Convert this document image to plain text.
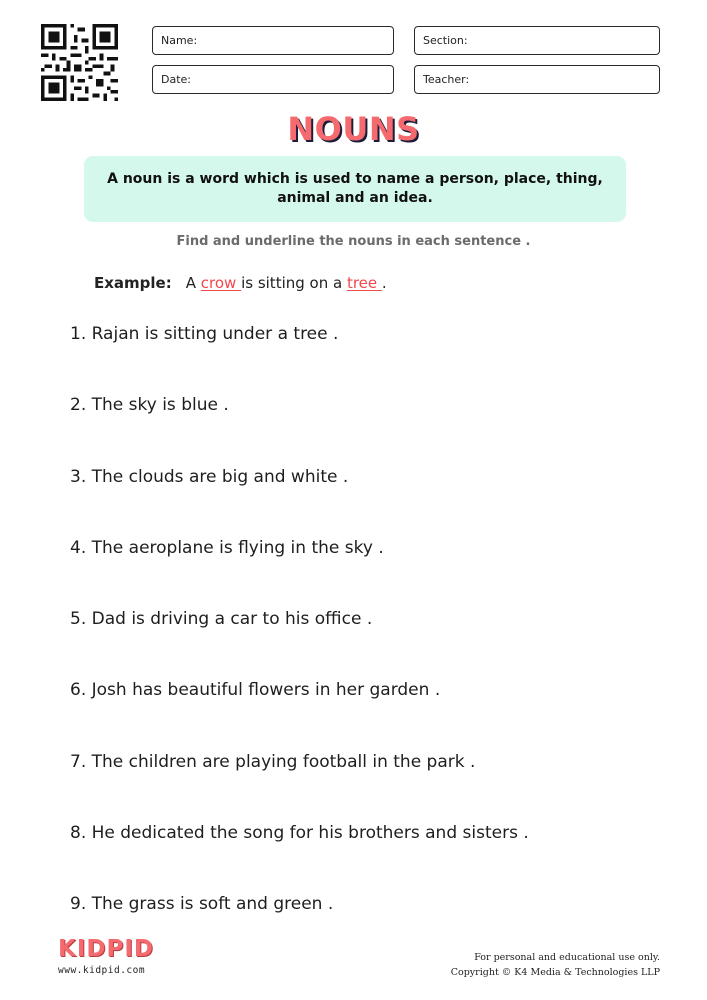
Name:	Section:
Date:	Teacher:
NOUNS
A noun is a word which is used to name a person, place, thing, animal and an idea.
Find and underline the nouns in each sentence .
Example: A crow is sitting on a tree .
1. Rajan is sitting under a tree .
2. The sky is blue .
3. The clouds are big and white .
4. The aeroplane is flying in the sky .
5. Dad is driving a car to his office .
6. Josh has beautiful flowers in her garden .
7. The children are playing football in the park .
8. He dedicated the song for his brothers and sisters .
9. The grass is soft and green .
KIDPID
www.kidpid.com
For personal and educational use only.
Copyright © K4 Media & Technologies LLP
